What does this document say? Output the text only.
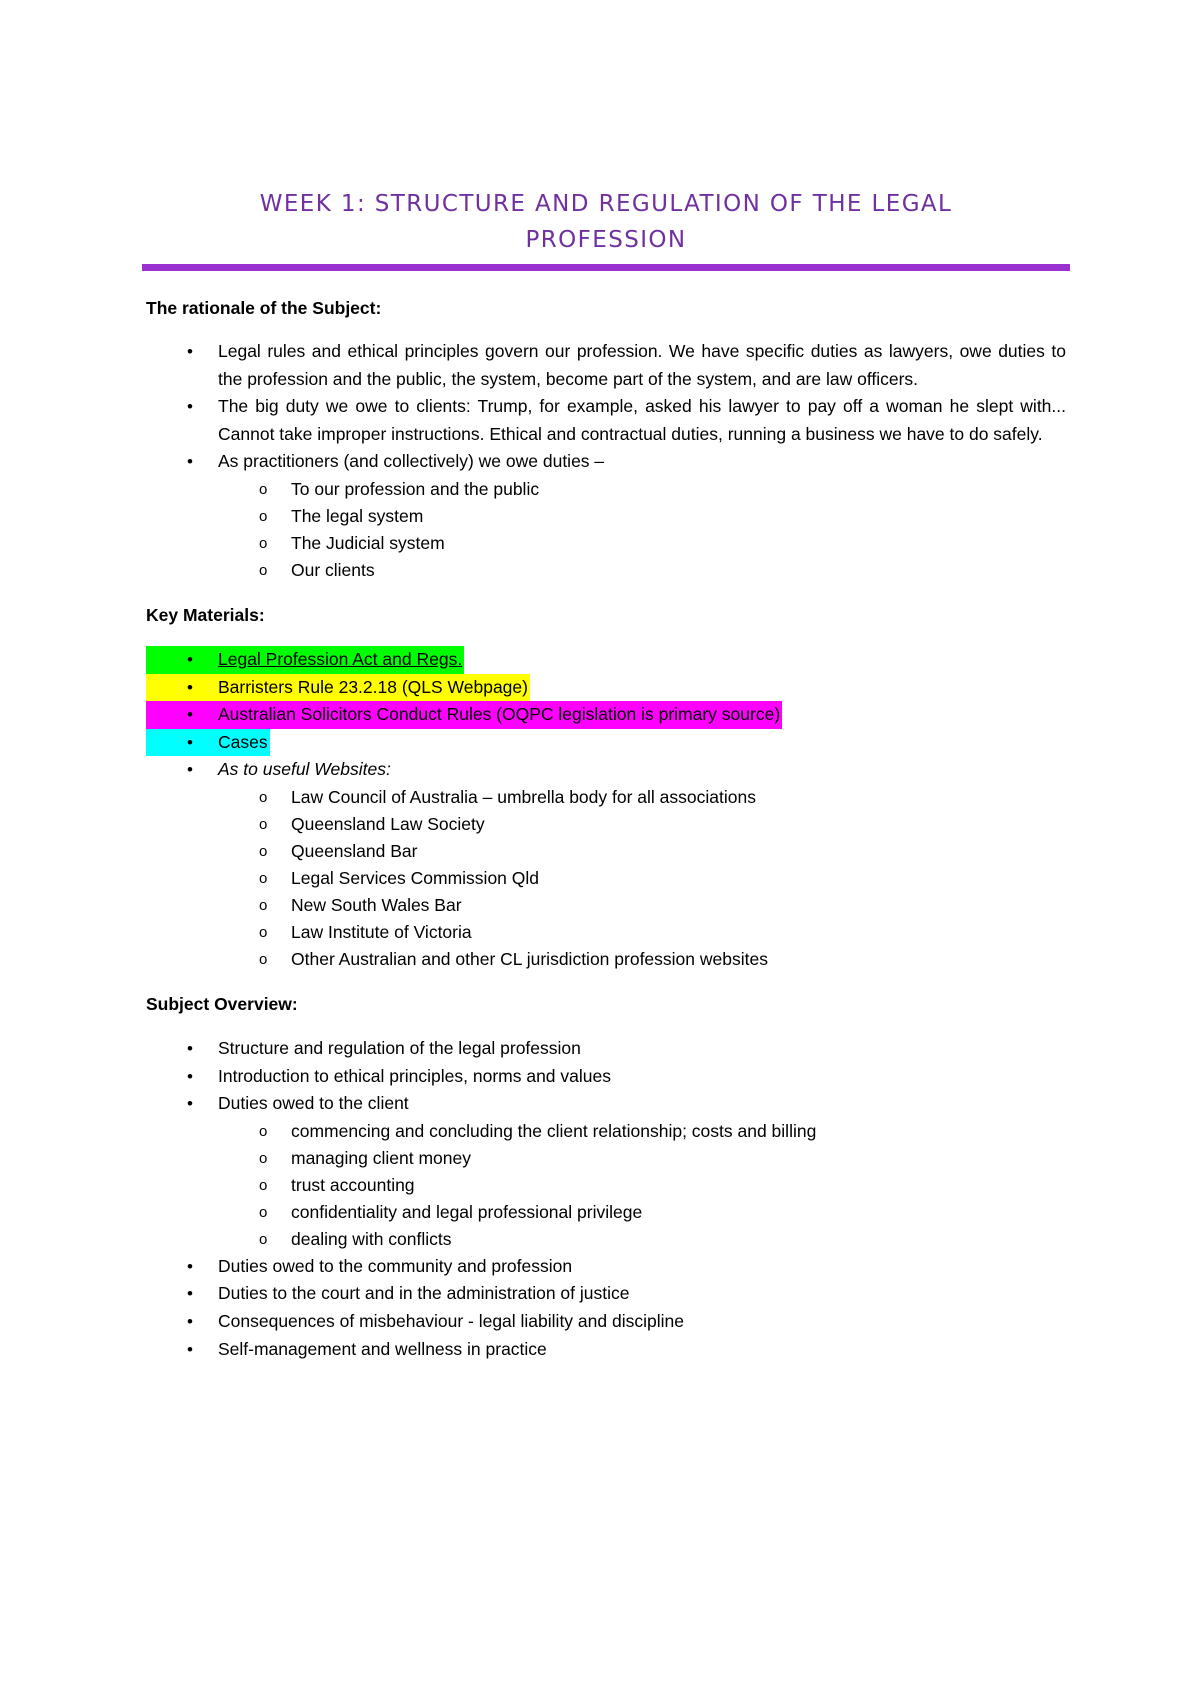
WEEK 1: STRUCTURE AND REGULATION OF THE LEGAL
PROFESSION

The rationale of the Subject:

• Legal rules and ethical principles govern our profession. We have specific duties as lawyers, owe duties to the profession and the public, the system, become part of the system, and are law officers.
• The big duty we owe to clients: Trump, for example, asked his lawyer to pay off a woman he slept with... Cannot take improper instructions. Ethical and contractual duties, running a business we have to do safely.
• As practitioners (and collectively) we owe duties –
o To our profession and the public
o The legal system
o The Judicial system
o Our clients

Key Materials:

• Legal Profession Act and Regs.
• Barristers Rule 23.2.18 (QLS Webpage)
• Australian Solicitors Conduct Rules (OQPC legislation is primary source)
• Cases
• As to useful Websites:
o Law Council of Australia – umbrella body for all associations
o Queensland Law Society
o Queensland Bar
o Legal Services Commission Qld
o New South Wales Bar
o Law Institute of Victoria
o Other Australian and other CL jurisdiction profession websites

Subject Overview:

• Structure and regulation of the legal profession
• Introduction to ethical principles, norms and values
• Duties owed to the client
o commencing and concluding the client relationship; costs and billing
o managing client money
o trust accounting
o confidentiality and legal professional privilege
o dealing with conflicts
• Duties owed to the community and profession
• Duties to the court and in the administration of justice
• Consequences of misbehaviour - legal liability and discipline
• Self-management and wellness in practice
